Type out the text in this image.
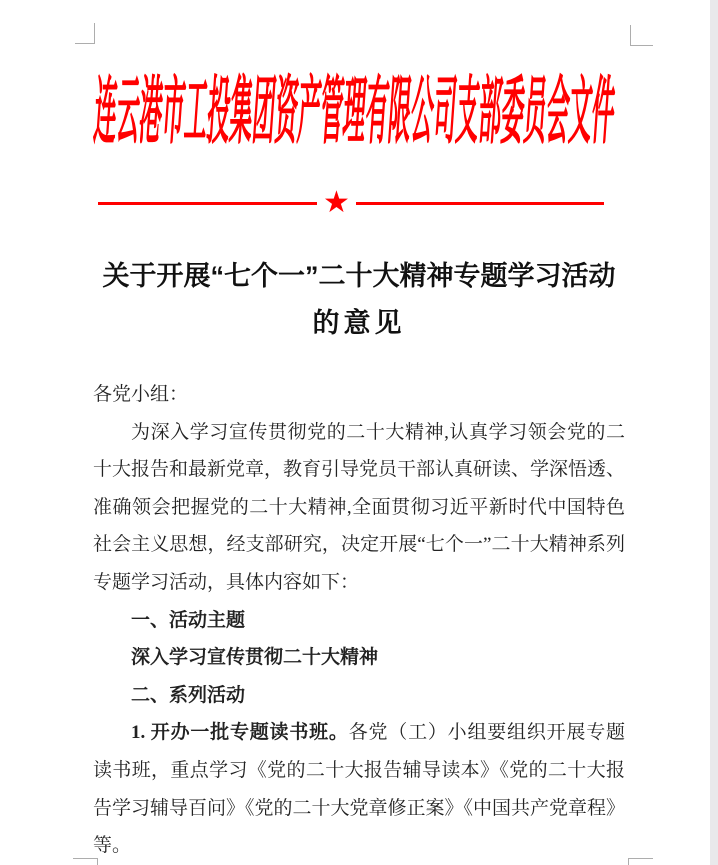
连云港市工投集团资产管理有限公司支部委员会文件
★
关于开展“七个一”二十大精神专题学习活动
的意见

各党小组：

为深入学习宣传贯彻党的二十大精神,认真学习领会党的二十大报告和最新党章，教育引导党员干部认真研读、学深悟透、准确领会把握党的二十大精神,全面贯彻习近平新时代中国特色社会主义思想，经支部研究，决定开展“七个一”二十大精神系列专题学习活动，具体内容如下：

一、活动主题

深入学习宣传贯彻二十大精神

二、系列活动

1. 开办一批专题读书班。各党（工）小组要组织开展专题读书班，重点学习《党的二十大报告辅导读本》《党的二十大报告学习辅导百问》《党的二十大党章修正案》《中国共产党章程》等。
